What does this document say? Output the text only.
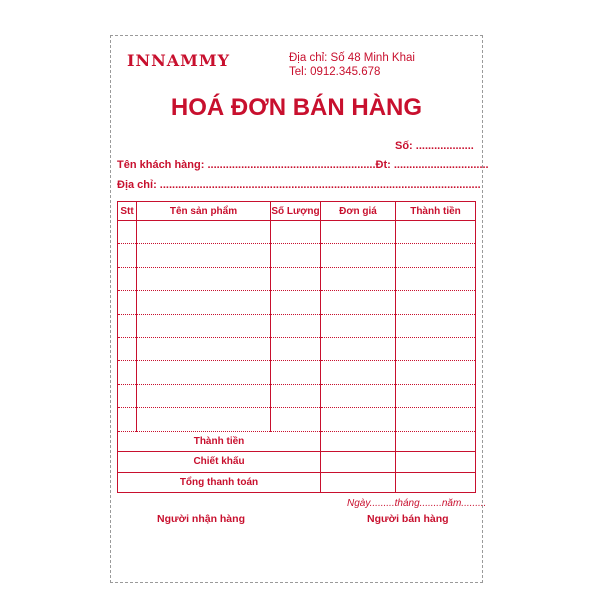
INNAMMY	Địa chỉ: Số 48 Minh Khai
Tel: 0912.345.678
HOÁ ĐƠN BÁN HÀNG
Số: ...................
Tên khách hàng: .......................................................Đt: ...............................
Địa chỉ: .........................................................................................................
Stt	Tên sản phẩm	Số Lượng	Đơn giá	Thành tiền

Thành tiền				
Chiết khấu				
Tổng thanh toán				
Ngày.........tháng........năm.........
Người nhận hàng	Người bán hàng
